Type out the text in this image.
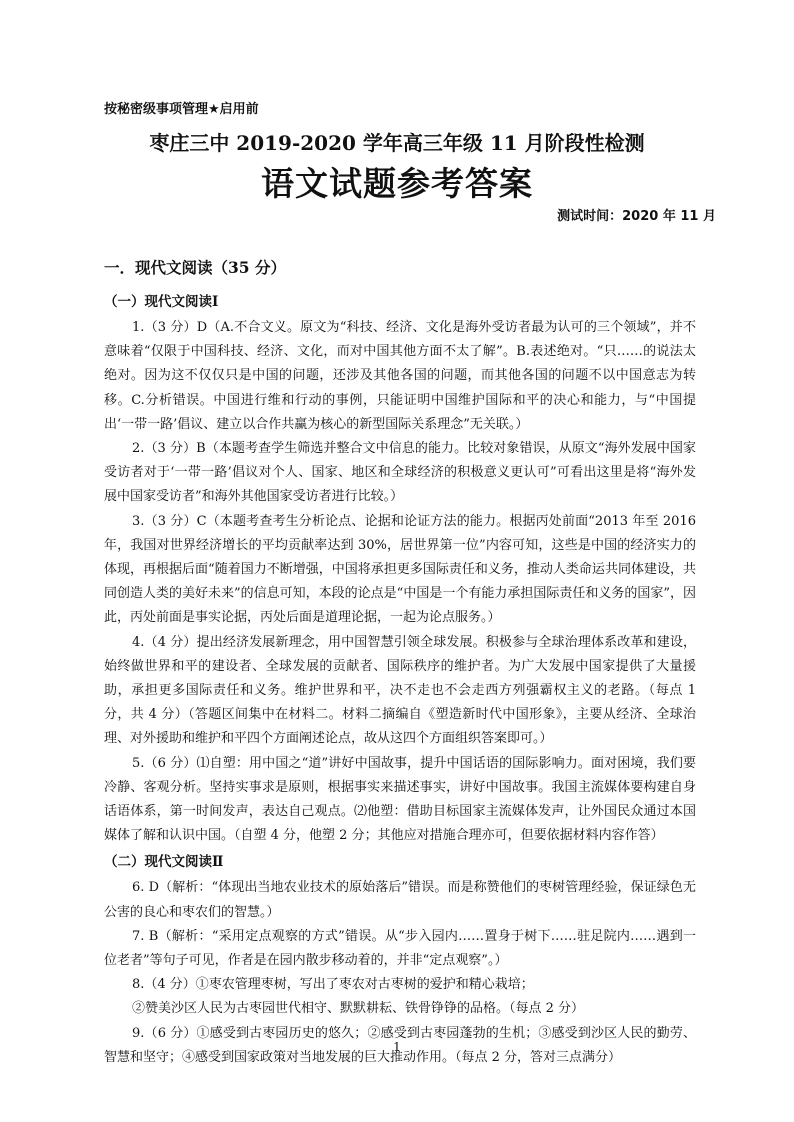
按秘密级事项管理★启用前
枣庄三中 2019-2020 学年高三年级 11 月阶段性检测
语文试题参考答案
测试时间：2020 年 11 月
一．现代文阅读（35 分）
（一）现代文阅读Ⅰ

1.（3 分）D（A.不合文义。原文为“科技、经济、文化是海外受访者最为认可的三个领域”，并不意味着“仅限于中国科技、经济、文化，而对中国其他方面不太了解”。B.表述绝对。“只……的说法太绝对。因为这不仅仅只是中国的问题，还涉及其他各国的问题，而其他各国的问题不以中国意志为转移。C.分析错误。中国进行维和行动的事例，只能证明中国维护国际和平的决心和能力，与“中国提出‘一带一路’倡议、建立以合作共赢为核心的新型国际关系理念”无关联。）

2.（3 分）B（本题考查学生筛选并整合文中信息的能力。比较对象错误，从原文“海外发展中国家受访者对于‘一带一路’倡议对个人、国家、地区和全球经济的积极意义更认可”可看出这里是将“海外发展中国家受访者”和海外其他国家受访者进行比较。）

3.（3 分）C（本题考查考生分析论点、论据和论证方法的能力。根据丙处前面“2013 年至 2016 年，我国对世界经济增长的平均贡献率达到 30%，居世界第一位”内容可知，这些是中国的经济实力的体现，再根据后面“随着国力不断增强，中国将承担更多国际责任和义务，推动人类命运共同体建设，共同创造人类的美好未来”的信息可知，本段的论点是“中国是一个有能力承担国际责任和义务的国家”，因此，丙处前面是事实论据，丙处后面是道理论据，一起为论点服务。）

4.（4 分）提出经济发展新理念，用中国智慧引领全球发展。积极参与全球治理体系改革和建设，始终做世界和平的建设者、全球发展的贡献者、国际秩序的维护者。为广大发展中国家提供了大量援助，承担更多国际责任和义务。维护世界和平，决不走也不会走西方列强霸权主义的老路。（每点 1 分，共 4 分）（答题区间集中在材料二。材料二摘编自《塑造新时代中国形象》，主要从经济、全球治理、对外援助和维护和平四个方面阐述论点，故从这四个方面组织答案即可。）

5.（6 分）⑴自塑：用中国之“道”讲好中国故事，提升中国话语的国际影响力。面对困境，我们要冷静、客观分析。坚持实事求是原则，根据事实来描述事实，讲好中国故事。我国主流媒体要构建自身话语体系，第一时间发声，表达自己观点。⑵他塑：借助目标国家主流媒体发声，让外国民众通过本国媒体了解和认识中国。（自塑 4 分，他塑 2 分；其他应对措施合理亦可，但要依据材料内容作答）

（二）现代文阅读Ⅱ

6. D（解析：“体现出当地农业技术的原始落后”错误。而是称赞他们的枣树管理经验，保证绿色无公害的良心和枣农们的智慧。）

7. B（解析：“采用定点观察的方式”错误。从“步入园内……置身于树下……驻足院内……遇到一位老者”等句子可见，作者是在园内散步移动着的，并非“定点观察”。）

8.（4 分）①枣农管理枣树，写出了枣农对古枣树的爱护和精心栽培；

②赞美沙区人民为古枣园世代相守、默默耕耘、铁骨铮铮的品格。（每点 2 分）

9.（6 分）①感受到古枣园历史的悠久；②感受到古枣园蓬勃的生机；③感受到沙区人民的勤劳、智慧和坚守；④感受到国家政策对当地发展的巨大推动作用。（每点 2 分，答对三点满分）

1
